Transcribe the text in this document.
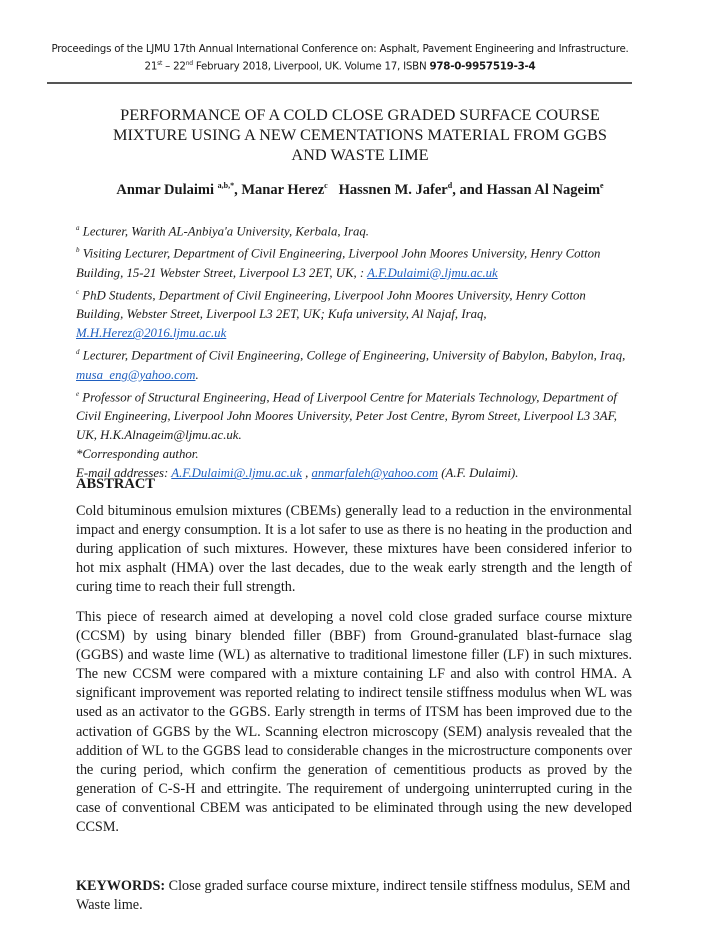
Proceedings of the LJMU 17th Annual International Conference on: Asphalt, Pavement Engineering and Infrastructure.
21st – 22nd February 2018, Liverpool, UK. Volume 17, ISBN 978-0-9957519-3-4
PERFORMANCE OF A COLD CLOSE GRADED SURFACE COURSE
MIXTURE USING A NEW CEMENTATIONS MATERIAL FROM GGBS
AND WASTE LIME
Anmar Dulaimi $^{a,b,*}$, Manar Herez$^c$ Hassnen M. Jafer$^d$, and Hassan Al Nageim$^e$
$^a$ Lecturer, Warith AL-Anbiya'a University, Kerbala, Iraq.
$^b$ Visiting Lecturer, Department of Civil Engineering, Liverpool John Moores University, Henry Cotton Building, 15-21 Webster Street, Liverpool L3 2ET, UK, : A.F.Dulaimi@.ljmu.ac.uk
$^c$ PhD Students, Department of Civil Engineering, Liverpool John Moores University, Henry Cotton Building, Webster Street, Liverpool L3 2ET, UK; Kufa university, Al Najaf, Iraq, M.H.Herez@2016.ljmu.ac.uk
$^d$ Lecturer, Department of Civil Engineering, College of Engineering, University of Babylon, Babylon, Iraq, musa_eng@yahoo.com.
$^e$ Professor of Structural Engineering, Head of Liverpool Centre for Materials Technology, Department of Civil Engineering, Liverpool John Moores University, Peter Jost Centre, Byrom Street, Liverpool L3 3AF, UK, H.K.Alnageim@ljmu.ac.uk.
*Corresponding author.
E-mail addresses: A.F.Dulaimi@.ljmu.ac.uk , anmarfaleh@yahoo.com (A.F. Dulaimi).
ABSTRACT
Cold bituminous emulsion mixtures (CBEMs) generally lead to a reduction in the environmental impact and energy consumption. It is a lot safer to use as there is no heating in the production and during application of such mixtures. However, these mixtures have been considered inferior to hot mix asphalt (HMA) over the last decades, due to the weak early strength and the length of curing time to reach their full strength.
This piece of research aimed at developing a novel cold close graded surface course mixture (CCSM) by using binary blended filler (BBF) from Ground-granulated blast-furnace slag (GGBS) and waste lime (WL) as alternative to traditional limestone filler (LF) in such mixtures. The new CCSM were compared with a mixture containing LF and also with control HMA. A significant improvement was reported relating to indirect tensile stiffness modulus when WL was used as an activator to the GGBS. Early strength in terms of ITSM has been improved due to the activation of GGBS by the WL. Scanning electron microscopy (SEM) analysis revealed that the addition of WL to the GGBS lead to considerable changes in the microstructure components over the curing period, which confirm the generation of cementitious products as proved by the generation of C-S-H and ettringite. The requirement of undergoing uninterrupted curing in the case of conventional CBEM was anticipated to be eliminated through using the new developed CCSM.
KEYWORDS: Close graded surface course mixture, indirect tensile stiffness modulus, SEM and Waste lime.
